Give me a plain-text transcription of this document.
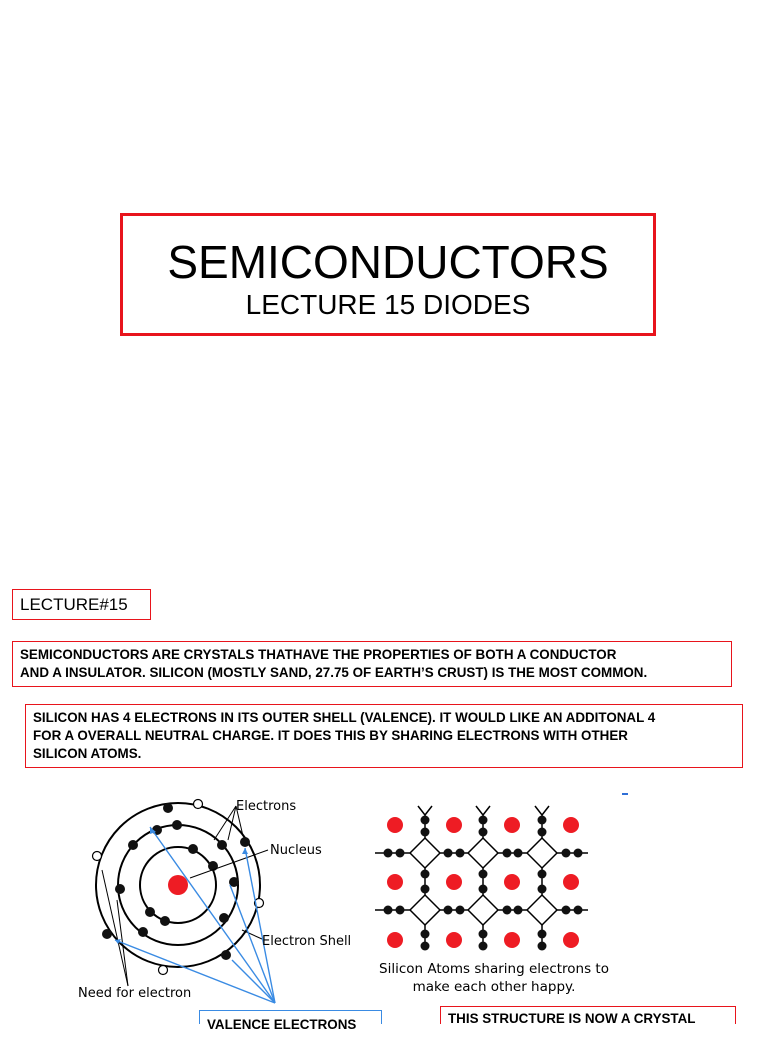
SEMICONDUCTORS
LECTURE 15 DIODES
LECTURE#15
SEMICONDUCTORS ARE CRYSTALS THATHAVE THE PROPERTIES OF BOTH A CONDUCTOR
AND A INSULATOR. SILICON (MOSTLY SAND, 27.75 OF EARTH’S CRUST) IS THE MOST COMMON.
SILICON HAS 4 ELECTRONS IN ITS OUTER SHELL (VALENCE). IT WOULD LIKE AN ADDITONAL 4
FOR A OVERALL NEUTRAL CHARGE. IT DOES THIS BY SHARING ELECTRONS WITH OTHER
SILICON ATOMS.
Electrons
Nucleus
Electron Shell
Need for electron
Silicon Atoms sharing electrons to
make each other happy.
VALENCE ELECTRONS	THIS STRUCTURE IS NOW A CRYSTAL
